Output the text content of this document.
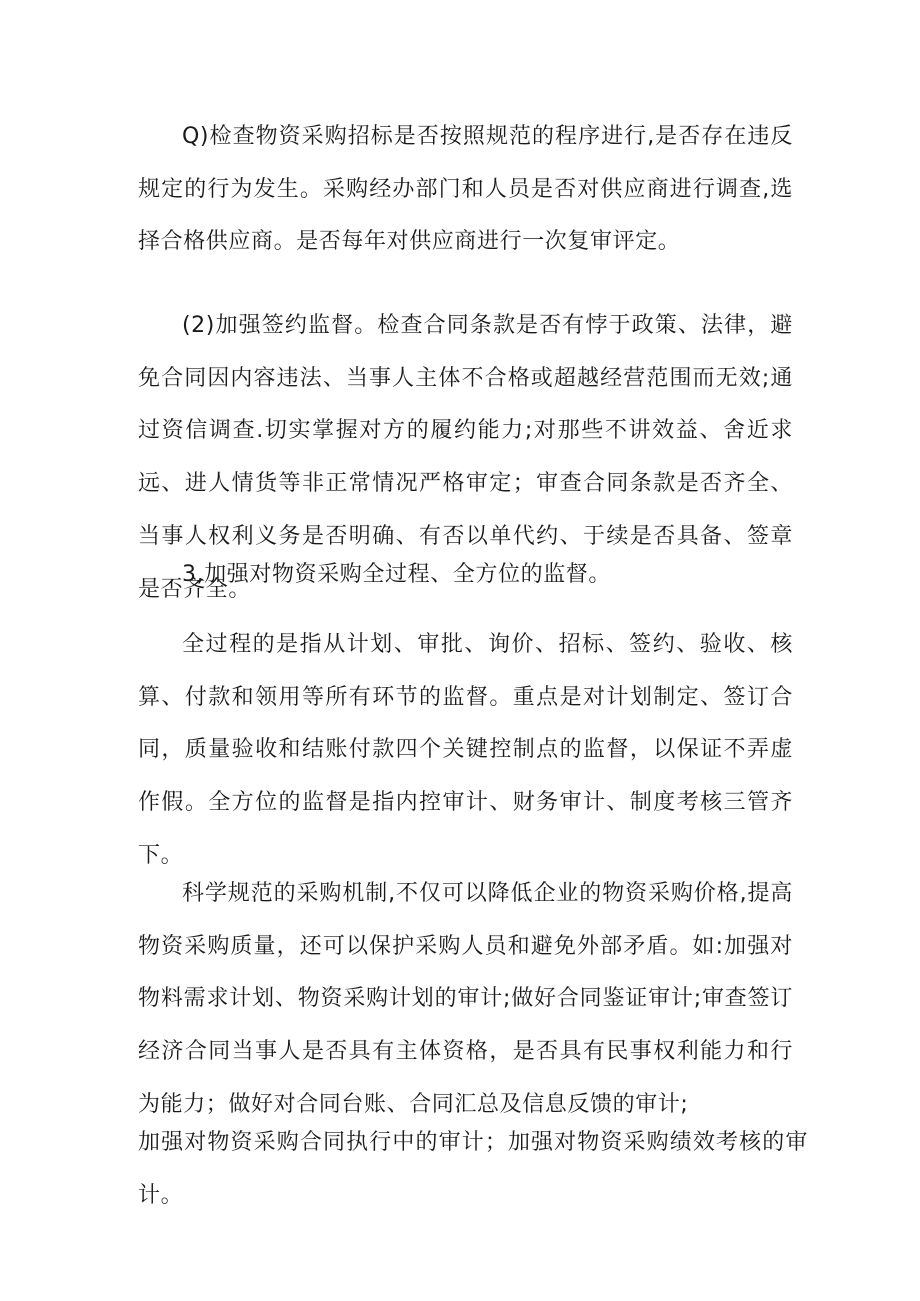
Q)检查物资采购招标是否按照规范的程序进行,是否存在违反规定的行为发生。采购经办部门和人员是否对供应商进行调查,选择合格供应商。是否每年对供应商进行一次复审评定。

(2)加强签约监督。检查合同条款是否有悖于政策、法律，避免合同因内容违法、当事人主体不合格或超越经营范围而无效;通过资信调查.切实掌握对方的履约能力;对那些不讲效益、舍近求远、进人情货等非正常情况严格审定；审查合同条款是否齐全、当事人权利义务是否明确、有否以单代约、于续是否具备、签章是否齐全。

3,加强对物资采购全过程、全方位的监督。

全过程的是指从计划、审批、询价、招标、签约、验收、核算、付款和领用等所有环节的监督。重点是对计划制定、签订合同，质量验收和结账付款四个关键控制点的监督，以保证不弄虚作假。全方位的监督是指内控审计、财务审计、制度考核三管齐下。

科学规范的采购机制,不仅可以降低企业的物资采购价格,提高物资采购质量，还可以保护采购人员和避免外部矛盾。如:加强对物料需求计划、物资采购计划的审计;做好合同鉴证审计;审查签订经济合同当事人是否具有主体资格，是否具有民事权利能力和行为能力；做好对合同台账、合同汇总及信息反馈的审计;

加强对物资采购合同执行中的审计；加强对物资采购绩效考核的审计。
